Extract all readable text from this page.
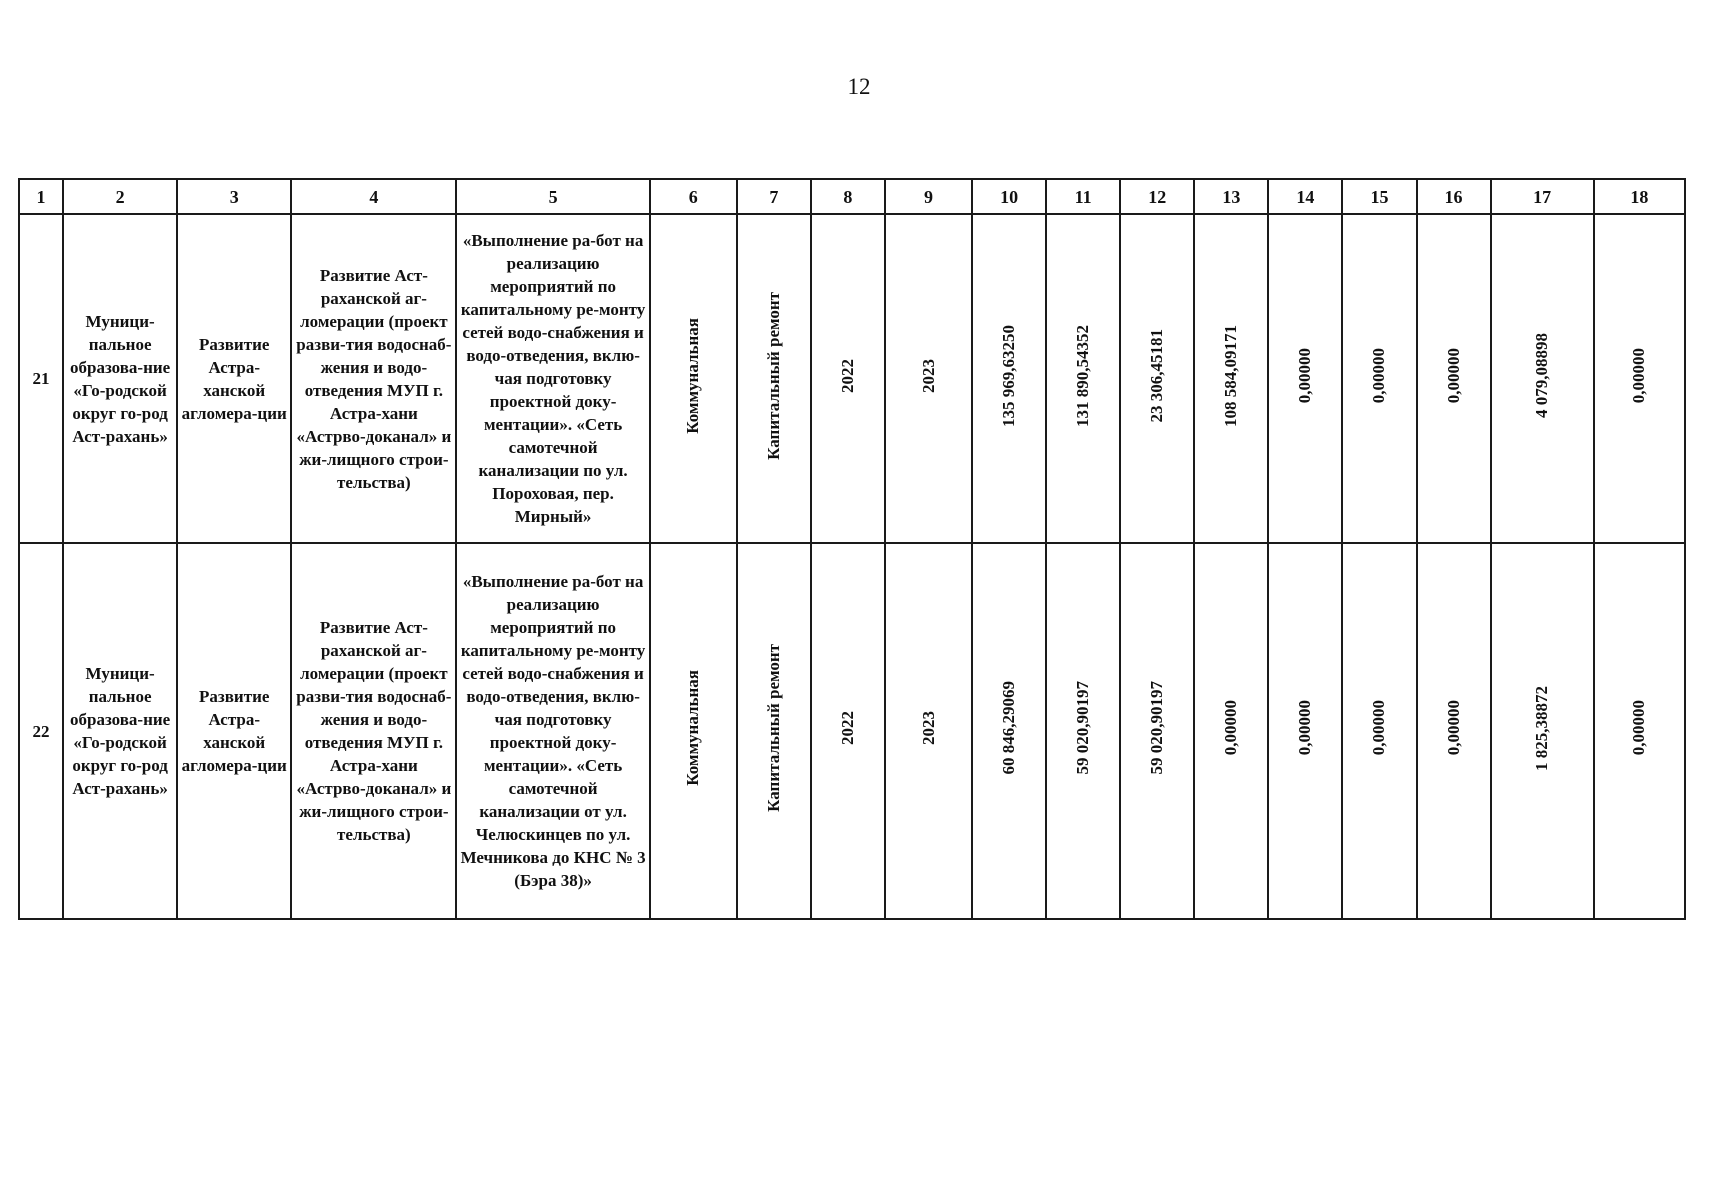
12
1	2	3	4	5	6	7	8	9	10	11	12	13	14	15	16	17	18
21	Муници-пальное образова-ние «Го-родской округ го-род Аст-рахань»	Развитие Астра-ханской агломера-ции	Развитие Аст-раханской аг-ломерации (проект разви-тия водоснаб-жения и водо-отведения МУП г. Астра-хани «Астрво-доканал» и жи-лищного строи-тельства)	«Выполнение ра-бот на реализацию мероприятий по капитальному ре-монту сетей водо-снабжения и водо-отведения, вклю-чая подготовку проектной доку-ментации». «Сеть самотечной канализации по ул. Пороховая, пер. Мирный»	Коммунальная	Капитальный ремонт	2022	2023	135 969,63250	131 890,54352	23 306,45181	108 584,09171	0,00000	0,00000	0,00000	4 079,08898	0,00000
22	Муници-пальное образова-ние «Го-родской округ го-род Аст-рахань»	Развитие Астра-ханской агломера-ции	Развитие Аст-раханской аг-ломерации (проект разви-тия водоснаб-жения и водо-отведения МУП г. Астра-хани «Астрво-доканал» и жи-лищного строи-тельства)	«Выполнение ра-бот на реализацию мероприятий по капитальному ре-монту сетей водо-снабжения и водо-отведения, вклю-чая подготовку проектной доку-ментации». «Сеть самотечной канализации от ул. Челюскинцев по ул. Мечникова до КНС № 3 (Бэра 38)»	Коммунальная	Капитальный ремонт	2022	2023	60 846,29069	59 020,90197	59 020,90197	0,00000	0,00000	0,00000	0,00000	1 825,38872	0,00000
